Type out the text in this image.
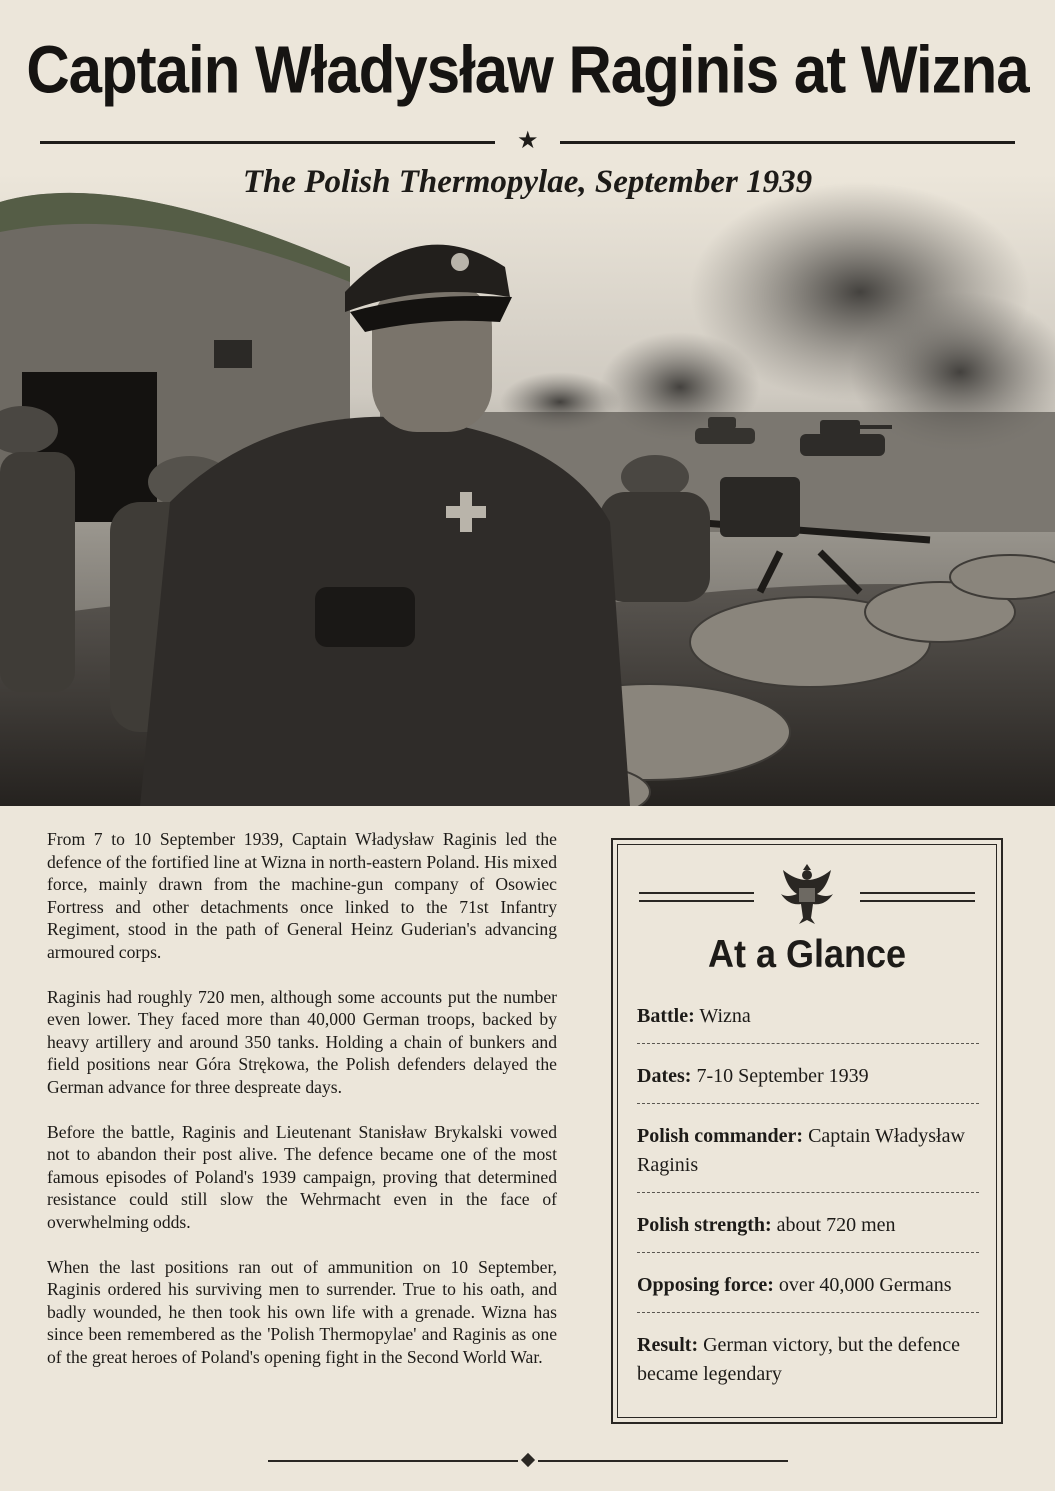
Captain Władysław Raginis at Wizna
★
The Polish Thermopylae, September 1939

From 7 to 10 September 1939, Captain Władysław Raginis led the defence of the fortified line at Wizna in north-eastern Poland. His mixed force, mainly drawn from the machine-gun company of Osowiec Fortress and other detachments once linked to the 71st Infantry Regiment, stood in the path of General Heinz Guderian's advancing armoured corps.

Raginis had roughly 720 men, although some accounts put the number even lower. They faced more than 40,000 German troops, backed by heavy artillery and around 350 tanks. Holding a chain of bunkers and field positions near Góra Strękowa, the Polish defenders delayed the German advance for three despreate days.

Before the battle, Raginis and Lieutenant Stanisław Brykalski vowed not to abandon their post alive. The defence became one of the most famous episodes of Poland's 1939 campaign, proving that determined resistance could still slow the Wehrmacht even in the face of overwhelming odds.

When the last positions ran out of ammunition on 10 September, Raginis ordered his surviving men to surrender. True to his oath, and badly wounded, he then took his own life with a grenade. Wizna has since been remembered as the 'Polish Thermopylae' and Raginis as one of the great heroes of Poland's opening fight in the Second World War.

At a Glance
Battle: Wizna
Dates: 7-10 September 1939
Polish commander: Captain Władysław Raginis
Polish strength: about 720 men
Opposing force: over 40,000 Germans
Result: German victory, but the defence became legendary
